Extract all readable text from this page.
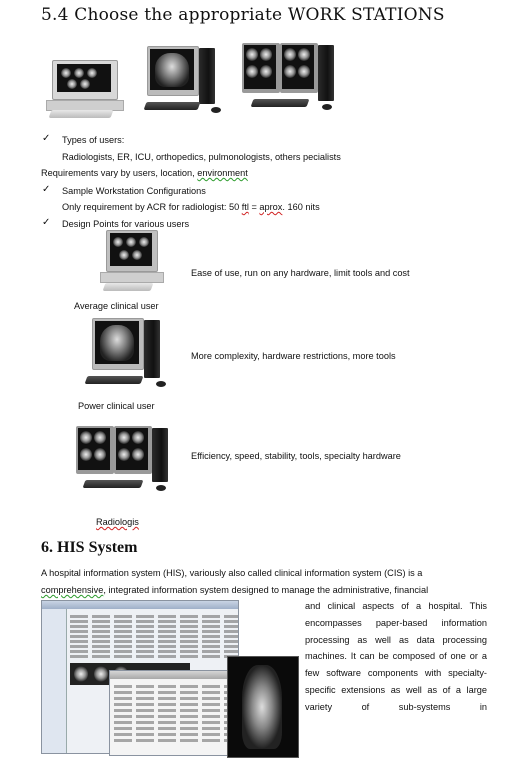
5.4 Choose the appropriate WORK STATIONS
✓ Types of users:
Radiologists, ER, ICU, orthopedics, pulmonologists, others pecialists
Requirements vary by users, location, environment
✓ Sample Workstation Configurations
Only requirement by ACR for radiologist: 50 ftl = aprox. 160 nits
✓ Design Points for various users
Average clinical user
Ease of use, run on any hardware, limit tools and cost
Power clinical user
More complexity, hardware restrictions, more tools
Radiologis
Efficiency, speed, stability, tools, specialty hardware
6. HIS System
A hospital information system (HIS), variously also called clinical information system (CIS) is a
comprehensive, integrated information system designed to manage the administrative, financial
and clinical aspects of a hospital. This encompasses paper-based information processing as well as data processing machines. It can be composed of one or a few software components with specialty-specific extensions as well as of a large variety of sub-systems in
